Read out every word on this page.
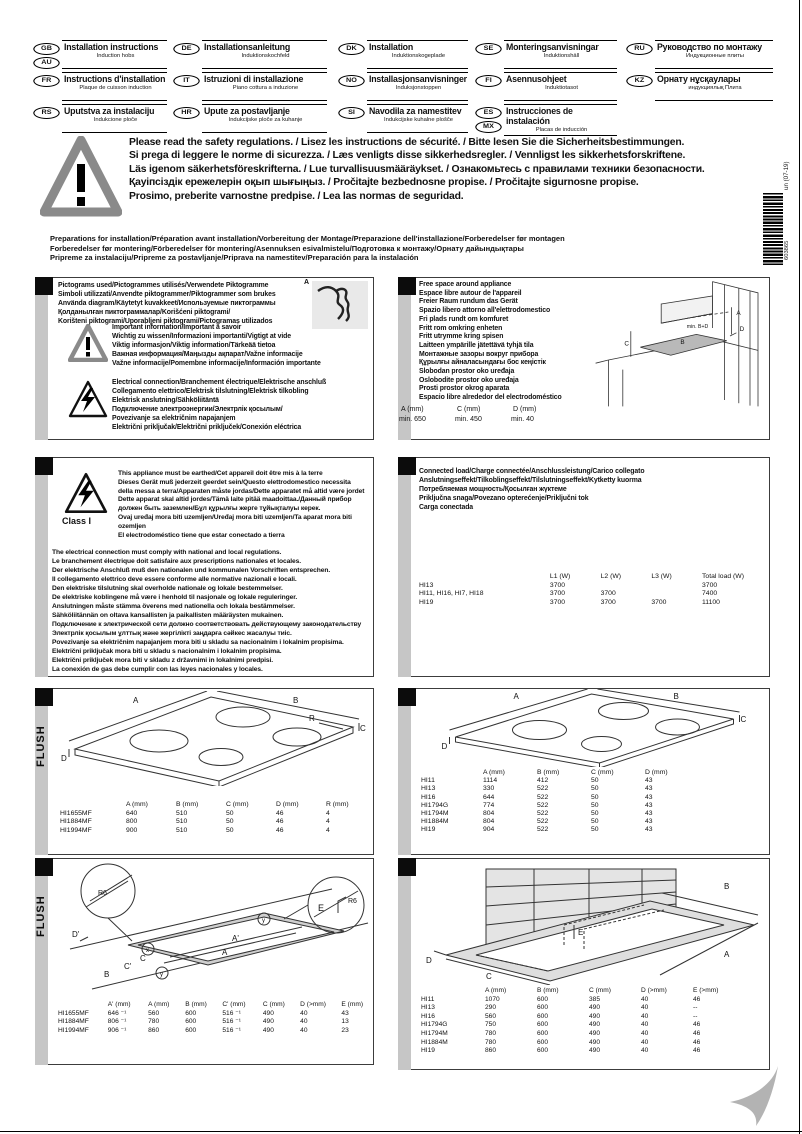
GB
AU
Installation instructions
Induction hobs
FR	Instructions d'installation
Plaque de cuisson induction
RS	Uputstva za instalaciju
Indukcione ploče
DE	Installationsanleitung
Induktionskochfeld
IT	Istruzioni di installazione
Piano cottura a induzione
HR	Upute za postavljanje
Indukcijske ploče za kuhanje
DK	Installation
Induktionskogeplade
NO	Installasjonsanvisninger
Induksjonstoppen
SI	Navodila za namestitev
Indukcijske kuhalne plošče
SE	Monteringsanvisningar
Induktionshäll
FI	Asennusohjeet
Induktiotasot
ES
MX
Instrucciones de instalación
Placas de inducción
RU	Руководство по монтажу
Индукционные плиты
KZ	Орнату нұсқаулары
индукциялық Плита
Please read the safety regulations. / Lisez les instructions de sécurité. / Bitte lesen Sie die Sicherheitsbestimmungen.
Si prega di leggere le norme di sicurezza. / Læs venligts disse sikkerhedsregler. / Vennligst les sikkerhetsforskriftene.
Läs igenom säkerhetsföreskrifterna. / Lue turvallisuusmääräykset. / Ознакомьтесь с правилами техники безопасности.
Қауіпсіздік ережелерін оқып шығыңыз. / Pročitajte bezbednosne propise. / Pročitajte sigurnosne propise.
Prosimo, preberite varnostne predpise. / Lea las normas de seguridad.
un (07-19)
603865
Preparations for installation/Préparation avant installation/Vorbereitung der Montage/Preparazione dell'installazione/Forberedelser før montagen
Forberedelser før montering/Förberedelser för montering/Asennuksen esivalmistelu/Подготовка к монтажу/Орнату дайындықтары
Pripreme za instalaciju/Pripreme za postavljanje/Priprava na namestitev/Preparación para la instalación
Pictograms used/Pictogrammes utilisés/Verwendete Piktogramme
Simboli utilizzati/Anvendte piktogrammer/Piktogrammer som brukes
Använda diagram/Käytetyt kuvakkeet/Используемые пиктограммы
Қолданылған пиктограммалар/Korišćeni piktogrami/
Korišteni piktogrami/Uporabljeni piktogrami/Pictogramas utilizados
A
Important information/Important à savoir
Wichtig zu wissen/Informazioni importanti/Vigtigt at vide
Viktig informasjon/Viktig information/Tärkeää tietoa
Важная информация/Маңызды ақпарат/Važne informacije
Važne informacije/Pomembne informacije/Información importante
Electrical connection/Branchement électrique/Elektrische anschluß
Collegamento elettrico/Elektrisk tilslutning/Elektrisk tilkobling
Elektrisk anslutning/Sähköliitäntä
Подключение электроэнергии/Электрлік қосылым/
Povezivanje sa električnim napajanjem
Električni priključak/Električni priključek/Conexión eléctrica
Free space around appliance
Espace libre autour de l'appareil
Freier Raum rundum das Gerät
Spazio libero attorno all'elettrodomestico
Fri plads rundt om komfuret
Fritt rom omkring enheten
Fritt utrymme kring spisen
Laitteen ympärille jätettävä tyhjä tila
Монтажные зазоры вокруг прибора
Құрылғы айналасындағы бос кеңістік
Slobodan prostor oko uređaja
Oslobodite prostor oko uređaja
Prosti prostor okrog aparata
Espacio libre alrededor del electrodoméstico
A
B
C
D
min. B+D
A (mm)	C (mm)	D (mm)
min. 650	min. 450	min. 40
Class I
This appliance must be earthed/Cet appareil doit être mis à la terre
Dieses Gerät muß jederzeit geerdet sein/Questo elettrodomestico necessita
della messa a terra/Apparaten måste jordas/Dette apparatet må altid være jordet
Dette apparat skal altid jordes/Tämä laite pitää maadoittaa./Данный прибор
должен быть заземлен/Бұл құрылғы жерге тұйықталуы керек.
Ovaj uređaj mora biti uzemljen/Uređaj mora biti uzemljen/Ta aparat mora biti ozemljen
El electrodoméstico tiene que estar conectado a tierra
The electrical connection must comply with national and local regulations.
Le branchement électrique doit satisfaire aux prescriptions nationales et locales.
Der elektrische Anschluß muß den nationalen und kommunalen Vorschriften entsprechen.
Il collegamento elettrico deve essere conforme alle normative nazionali e locali.
Den elektriske tilslutning skal overholde nationale og lokale bestemmelser.
De elektriske koblingene må være i henhold til nasjonale og lokale reguleringer.
Anslutningen måste stämma överens med nationella och lokala bestämmelser.
Sähköliitännän on oltava kansallisten ja paikallisten määräysten mukainen.
Подключение к электрической сети должно соответствовать действующему законодательству
Электрлік қосылым ұлттық және жергілікті заңдарға сәйкес жасалуы тиіс.
Povezivanje sa električnim napajanjem mora biti u skladu sa nacionalnim i lokalnim propisima.
Električni priključak mora biti u skladu s nacionalnim i lokalnim propisima.
Električni priključek mora biti v skladu z državnimi in lokalnimi predpisi.
La conexión de gas debe cumplir con las leyes nacionales y locales.
Connected load/Charge connectée/Anschlussleistung/Carico collegato
Anslutningseffekt/Tilkoblingseffekt/Tilslutningseffekt/Kytketty kuorma
Потребляемая мощность/Қосылған жүктеме
Priključna snaga/Povezano opterećenje/Priključni tok
Carga conectada
	L1 (W)	L2 (W)	L3 (W)	Total load (W)
HI13	3700			3700
HI11, HI16, HI7, HI18	3700	3700		7400
HI19	3700	3700	3700	11100
FLUSH
A	B
C
D
R
	A (mm)	B (mm)	C (mm)	D (mm)	R (mm)
HI1655MF	640	510	50	46	4
HI1884MF	800	510	50	46	4
HI1994MF	900	510	50	46	4
A	B
C
D
	A (mm)	B (mm)	C (mm)	D (mm)
HI11	1114	412	50	43
HI13	330	522	50	43
HI16	644	522	50	43
HI1794G	774	522	50	43
HI1794M	804	522	50	43
HI1884M	804	522	50	43
HI19	904	522	50	43
FLUSH
R6
E
R6
D'	A'
A
B
C'
C
x
y
y
	A' (mm)	A (mm)	B (mm)	C' (mm)	C (mm)	D (>mm)	E (mm)
HI1655MF	646 ⁻¹	560	600	516 ⁻¹	490	40	43
HI1884MF	806 ⁻¹	780	600	516 ⁻¹	490	40	13
HI1994MF	906 ⁻¹	860	600	516 ⁻¹	490	40	23
B
A
C
D
E
	A (mm)	B (mm)	C (mm)	D (>mm)	E (>mm)
HI11	1070	600	385	40	46
HI13	290	600	490	40	--
HI16	560	600	490	40	--
HI1794G	750	600	490	40	46
HI1794M	780	600	490	40	46
HI1884M	780	600	490	40	46
HI19	860	600	490	40	46
